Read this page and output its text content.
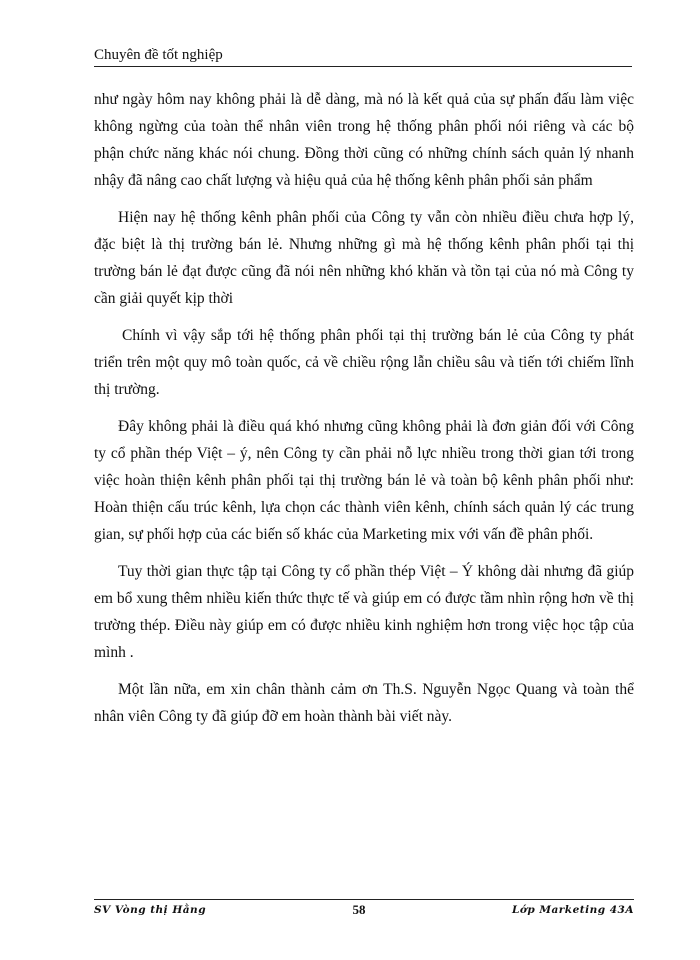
Chuyên đề tốt nghiệp

như ngày hôm nay không phải là dễ dàng, mà nó là kết quả của sự phấn đấu làm việc không ngừng của toàn thể nhân viên trong hệ thống phân phối nói riêng và các bộ phận chức năng khác nói chung. Đồng thời cũng có những chính sách quản lý nhanh nhậy đã nâng cao chất lượng và hiệu quả của hệ thống kênh phân phối sản phẩm

Hiện nay hệ thống kênh phân phối của Công ty vẫn còn nhiều điều chưa hợp lý, đặc biệt là thị trường bán lẻ. Nhưng những gì mà hệ thống kênh phân phối tại thị trường bán lẻ đạt được cũng đã nói nên những khó khăn và tồn tại của nó mà Công ty cần giải quyết kịp thời

Chính vì vậy sắp tới hệ thống phân phối tại thị trường bán lẻ của Công ty phát triển trên một quy mô toàn quốc, cả về chiều rộng lẫn chiều sâu và tiến tới chiếm lĩnh thị trường.

Đây không phải là điều quá khó nhưng cũng không phải là đơn giản đối với Công ty cổ phần thép Việt – ý, nên Công ty cần phải nỗ lực nhiều trong thời gian tới trong việc hoàn thiện kênh phân phối tại thị trường bán lẻ và toàn bộ kênh phân phối như: Hoàn thiện cấu trúc kênh, lựa chọn các thành viên kênh, chính sách quản lý các trung gian, sự phối hợp của các biến số khác của Marketing mix với vấn đề phân phối.

Tuy thời gian thực tập tại Công ty cổ phần thép Việt – Ý không dài nhưng đã giúp em bổ xung thêm nhiều kiến thức thực tế và giúp em có được tầm nhìn rộng hơn về thị trường thép. Điều này giúp em có được nhiều kinh nghiệm hơn trong việc học tập của mình .

Một lần nữa, em xin chân thành cảm ơn Th.S. Nguyễn Ngọc Quang và toàn thể nhân viên Công ty đã giúp đỡ em hoàn thành bài viết này.

SV Vòng thị Hằng	58	Lớp Marketing 43A
